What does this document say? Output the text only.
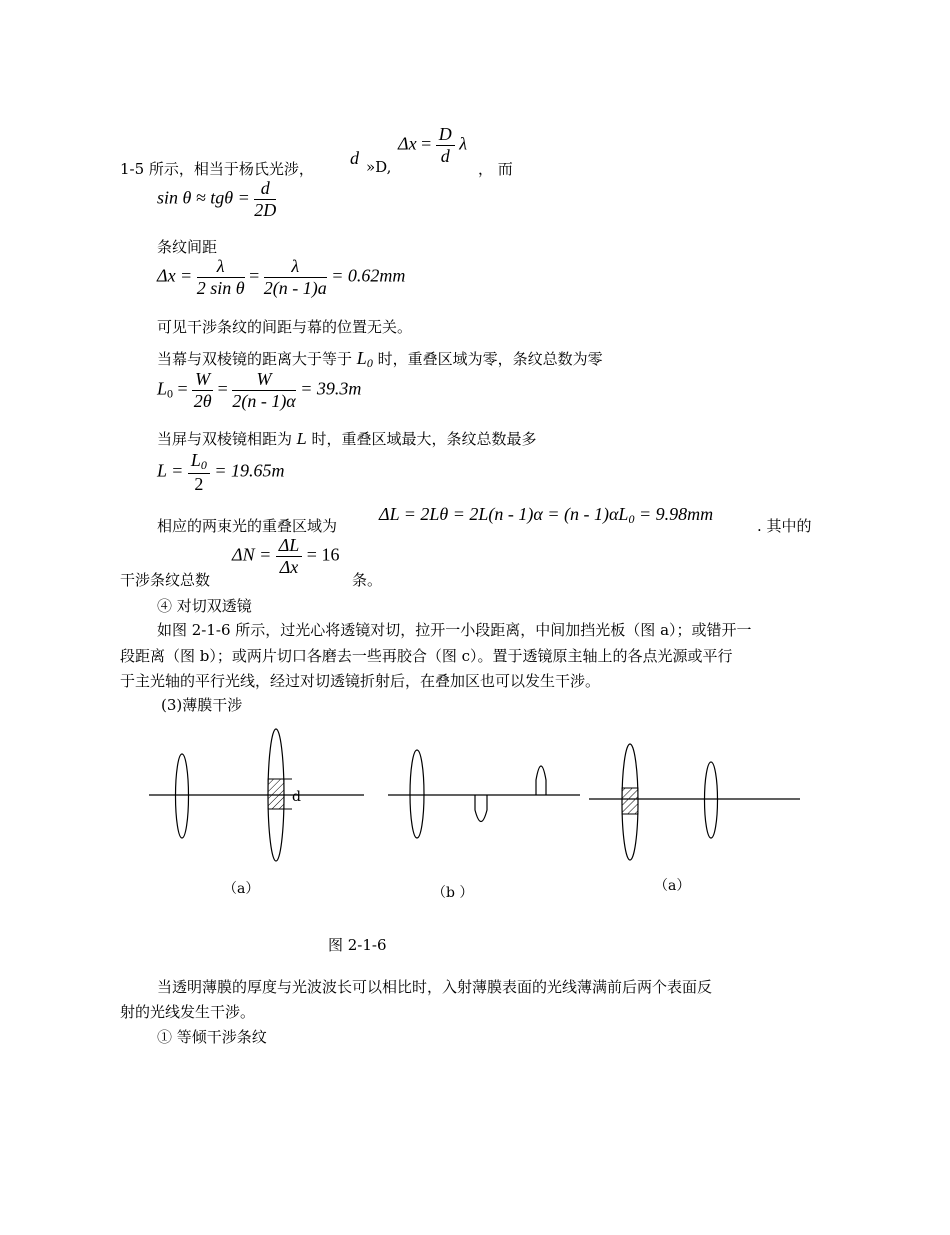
1-5 所示，相当于杨氏光涉，
d »D,
$\Delta x = \frac{D}{d}$ λ
， 而
$\sin \theta \approx tg\theta = \frac{d}{2D}$
条纹间距
$\Delta x = \frac{\lambda}{\text{2 sin θ}} = \frac{\lambda}{2(n - 1)a} = 0.62mm$
可见干涉条纹的间距与幕的位置无关。
当幕与双棱镜的距离大于等于 $L_0$ 时，重叠区域为零，条纹总数为零
$L_0 = \frac{W}{2\theta} = \frac{W}{2(n - 1)\alpha} = 39.3m$
当屏与双棱镜相距为 L 时，重叠区域最大，条纹总数最多
$L = \frac{L_0}{2} = 19.65m$
相应的两束光的重叠区域为
$\Delta L = 2L\theta = 2L(n - 1)\alpha = (n - 1)\alpha L_0 = 9.98mm$
. 其中的
干涉条纹总数
$\Delta N = \frac{\Delta L}{\Delta x} = 16$
条。
④ 对切双透镜
如图 2-1-6 所示，过光心将透镜对切，拉开一小段距离，中间加挡光板（图 a）；或错开一
段距离（图 b）；或两片切口各磨去一些再胶合（图 c）。置于透镜原主轴上的各点光源或平行
于主光轴的平行光线，经过对切透镜折射后，在叠加区也可以发生干涉。
(3)薄膜干涉
d
（a）	（b ）	（a）
图 2-1-6
当透明薄膜的厚度与光波波长可以相比时，入射薄膜表面的光线薄满前后两个表面反
射的光线发生干涉。
① 等倾干涉条纹
